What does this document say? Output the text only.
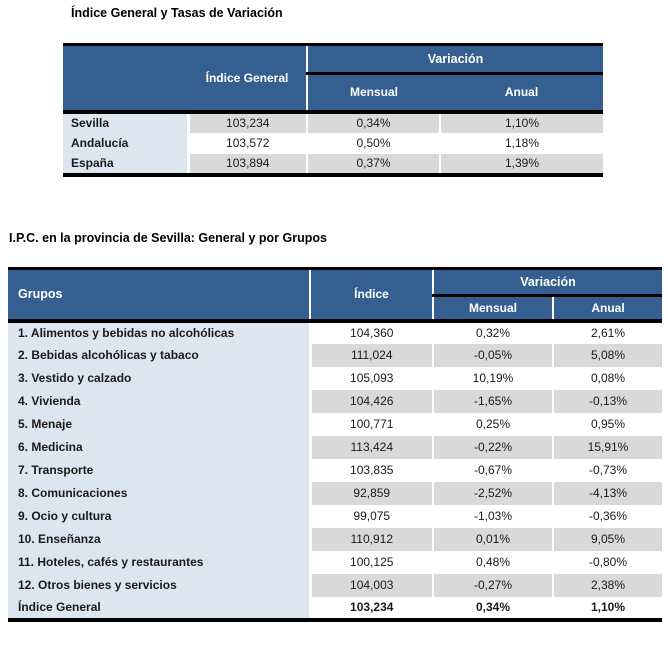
Índice General y Tasas de Variación
	Índice General	Variación	
		Mensual	Anual
Sevilla	103,234	0,34%	1,10%
Andalucía	103,572	0,50%	1,18%
España	103,894	0,37%	1,39%
I.P.C. en la provincia de Sevilla: General y por Grupos
Grupos	Índice	Variación	
		Mensual	Anual
1. Alimentos y bebidas no alcohólicas	104,360	0,32%	2,61%
2. Bebidas alcohólicas y tabaco	111,024	-0,05%	5,08%
3. Vestido y calzado	105,093	10,19%	0,08%
4. Vivienda	104,426	-1,65%	-0,13%
5. Menaje	100,771	0,25%	0,95%
6. Medicina	113,424	-0,22%	15,91%
7. Transporte	103,835	-0,67%	-0,73%
8. Comunicaciones	92,859	-2,52%	-4,13%
9. Ocio y cultura	99,075	-1,03%	-0,36%
10. Enseñanza	110,912	0,01%	9,05%
11. Hoteles, cafés y restaurantes	100,125	0,48%	-0,80%
12. Otros bienes y servicios	104,003	-0,27%	2,38%
Índice General	103,234	0,34%	1,10%
